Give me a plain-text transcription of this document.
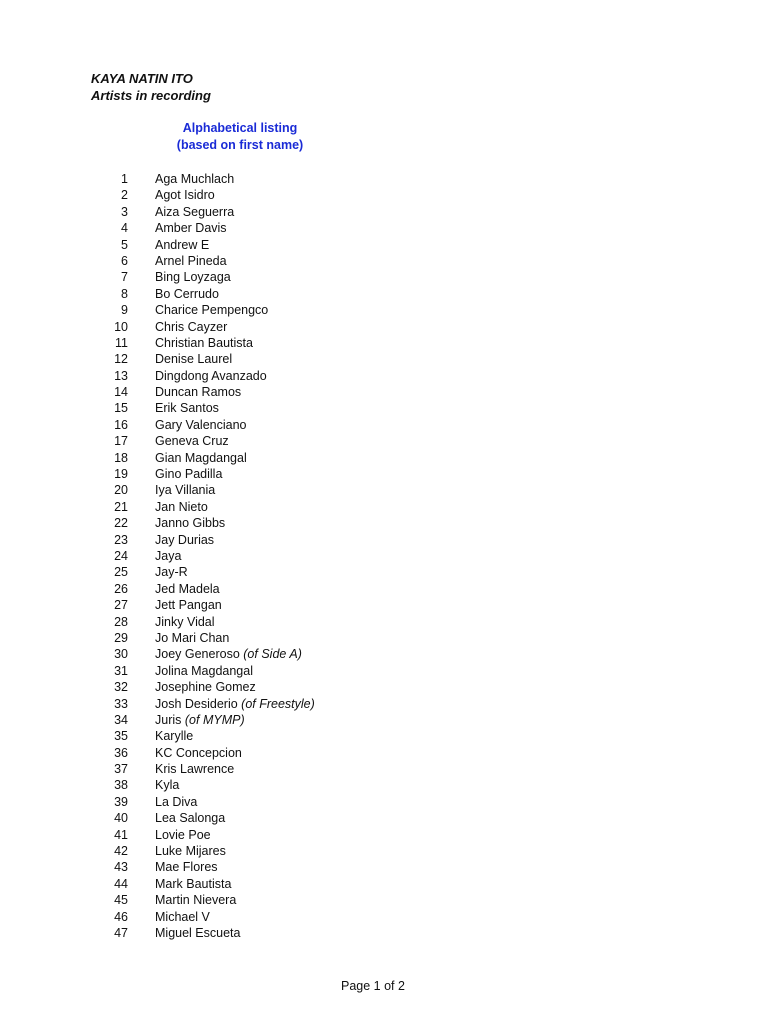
KAYA NATIN ITO
Artists in recording
Alphabetical listing
(based on first name)
1 Aga Muchlach
2 Agot Isidro
3 Aiza Seguerra
4 Amber Davis
5 Andrew E
6 Arnel Pineda
7 Bing Loyzaga
8 Bo Cerrudo
9 Charice Pempengco
10 Chris Cayzer
11 Christian Bautista
12 Denise Laurel
13 Dingdong Avanzado
14 Duncan Ramos
15 Erik Santos
16 Gary Valenciano
17 Geneva Cruz
18 Gian Magdangal
19 Gino Padilla
20 Iya Villania
21 Jan Nieto
22 Janno Gibbs
23 Jay Durias
24 Jaya
25 Jay-R
26 Jed Madela
27 Jett Pangan
28 Jinky Vidal
29 Jo Mari Chan
30 Joey Generoso (of Side A)
31 Jolina Magdangal
32 Josephine Gomez
33 Josh Desiderio (of Freestyle)
34 Juris (of MYMP)
35 Karylle
36 KC Concepcion
37 Kris Lawrence
38 Kyla
39 La Diva
40 Lea Salonga
41 Lovie Poe
42 Luke Mijares
43 Mae Flores
44 Mark Bautista
45 Martin Nievera
46 Michael V
47 Miguel Escueta
Page 1 of 2
